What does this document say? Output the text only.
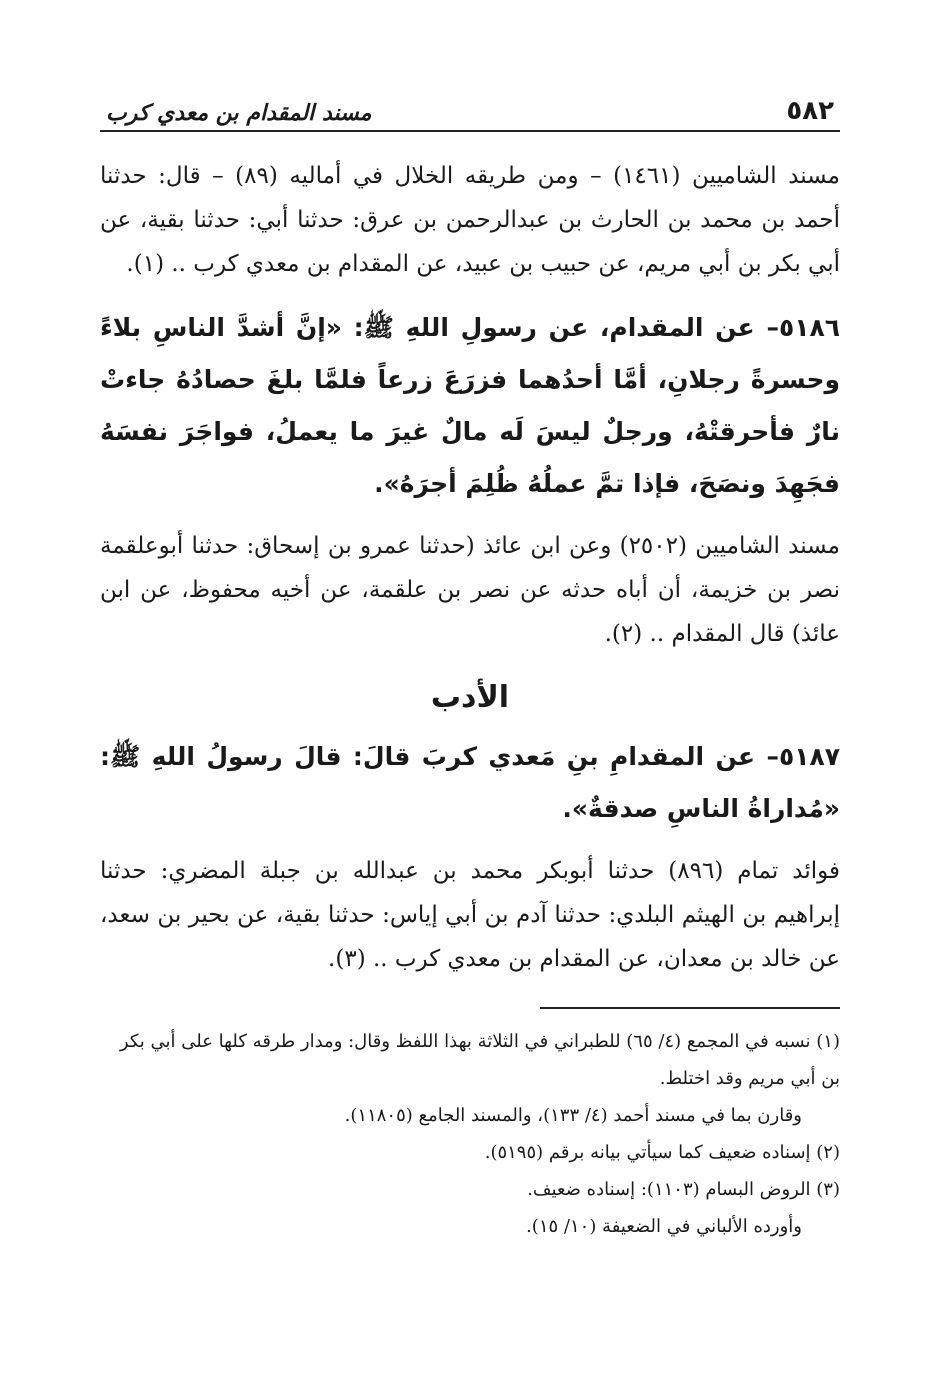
٥٨٢
مسند المقدام بن معدي كرب

مسند الشاميين (١٤٦١) – ومن طريقه الخلال في أماليه (٨٩) – قال: حدثنا أحمد بن محمد بن الحارث بن عبدالرحمن بن عرق: حدثنا أبي: حدثنا بقية، عن أبي بكر بن أبي مريم، عن حبيب بن عبيد، عن المقدام بن معدي كرب .. (١).

٥١٨٦– عن المقدام، عن رسولِ اللهِ ﷺ: «إنَّ أشدَّ الناسِ بلاءً وحسرةً رجلانِ، أمَّا أحدُهما فزرَعَ زرعاً فلمَّا بلغَ حصادُهُ جاءتْ نارٌ فأحرقتْهُ، ورجلٌ ليسَ لَه مالٌ غيرَ ما يعملُ، فواجَرَ نفسَهُ فجَهِدَ ونصَحَ، فإذا تمَّ عملُهُ ظُلِمَ أجرَهُ».

مسند الشاميين (٢٥٠٢) وعن ابن عائذ (حدثنا عمرو بن إسحاق: حدثنا أبوعلقمة نصر بن خزيمة، أن أباه حدثه عن نصر بن علقمة، عن أخيه محفوظ، عن ابن عائذ) قال المقدام .. (٢).

الأدب

٥١٨٧– عن المقدامِ بنِ مَعدي كربَ قالَ: قالَ رسولُ اللهِ ﷺ: «مُداراةُ الناسِ صدقةٌ».

فوائد تمام (٨٩٦) حدثنا أبوبكر محمد بن عبدالله بن جبلة المضري: حدثنا إبراهيم بن الهيثم البلدي: حدثنا آدم بن أبي إياس: حدثنا بقية، عن بحير بن سعد، عن خالد بن معدان، عن المقدام بن معدي كرب .. (٣).

(١) نسبه في المجمع (٤/ ٦٥) للطبراني في الثلاثة بهذا اللفظ وقال: ومدار طرقه كلها على أبي بكر بن أبي مريم وقد اختلط.

وقارن بما في مسند أحمد (٤/ ١٣٣)، والمسند الجامع (١١٨٠٥).

(٢) إسناده ضعيف كما سيأتي بيانه برقم (٥١٩٥).

(٣) الروض البسام (١١٠٣): إسناده ضعيف.

وأورده الألباني في الضعيفة (١٠/ ١٥).
